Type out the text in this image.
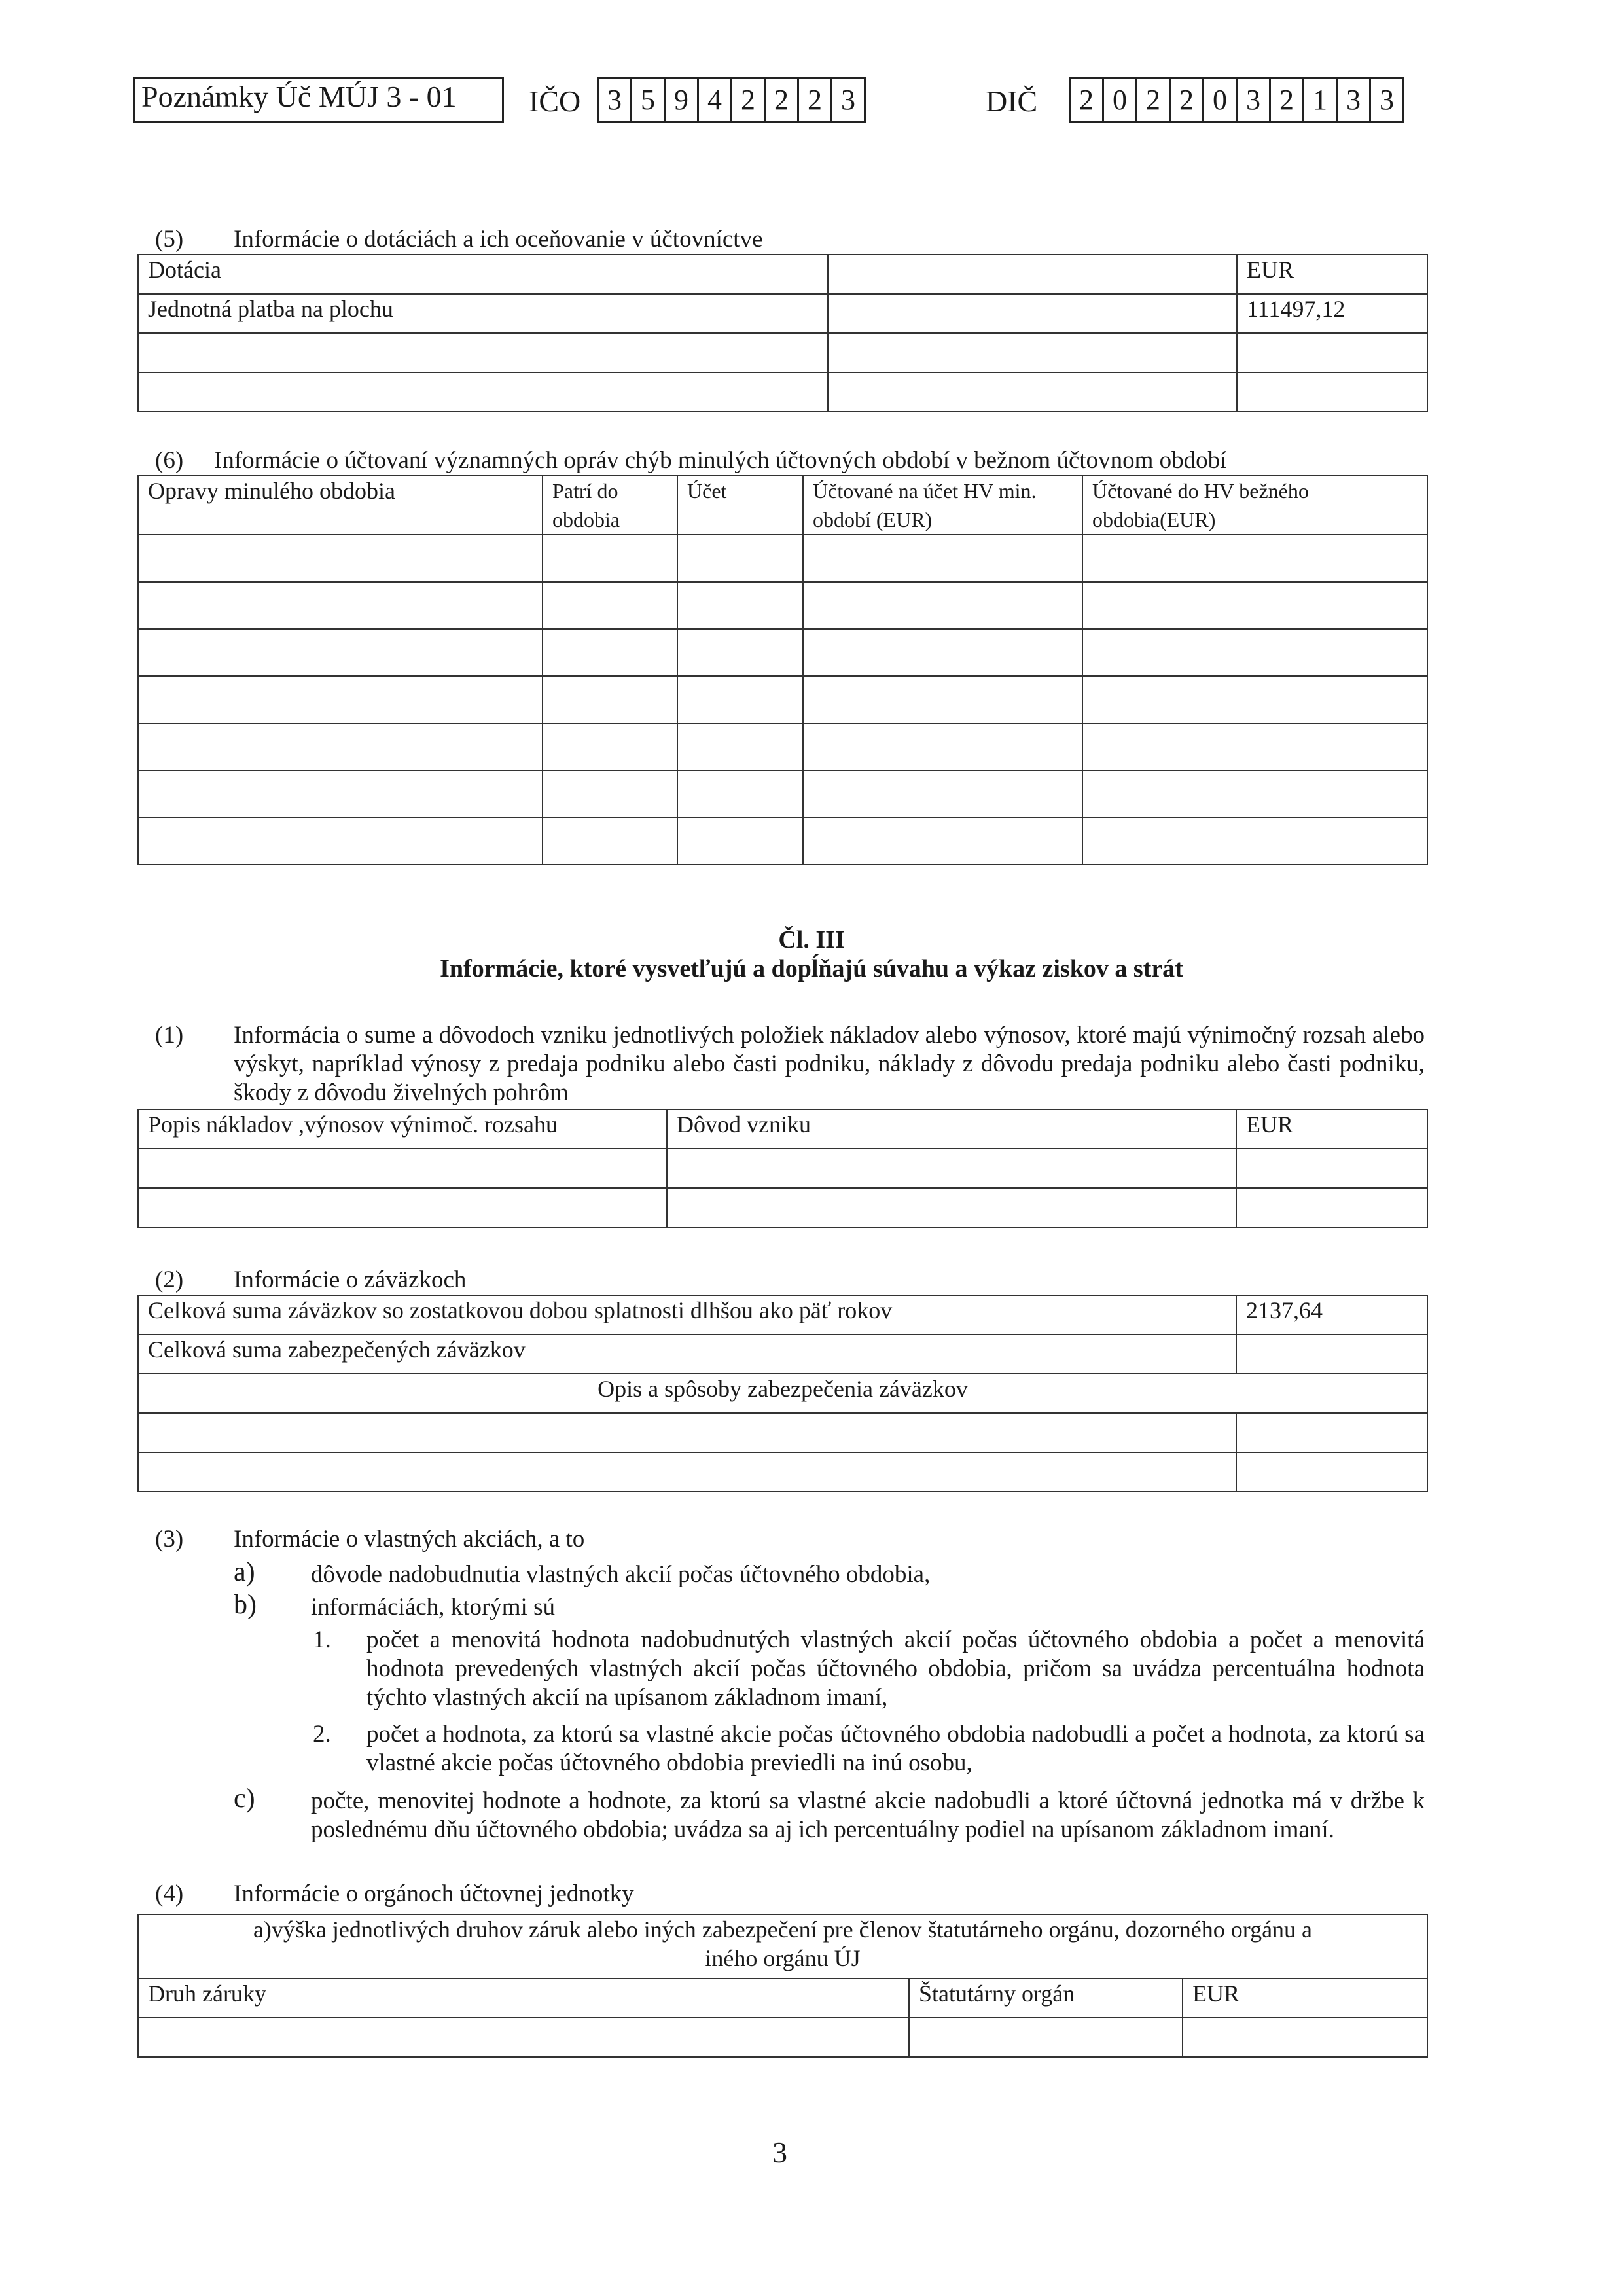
Poznámky Úč MÚJ 3 - 01	IČO 3 5 9 4 2 2 2 3	DIČ	2 0 2 2 0 3 2 1 3 3
(5) Informácie o dotáciách a ich oceňovanie v účtovníctve
Dotácia		EUR
Jednotná platba na plochu		111497,12

(6) Informácie o účtovaní významných opráv chýb minulých účtovných období v bežnom účtovnom období
Opravy minulého obdobia	Patrí do obdobia	Účet	Účtované na účet HV min. období (EUR)	Účtované do HV bežného obdobia(EUR)

Čl. III
Informácie, ktoré vysvetľujú a dopĺňajú súvahu a výkaz ziskov a strát
(1) Informácia o sume a dôvodoch vzniku jednotlivých položiek nákladov alebo výnosov, ktoré majú výnimočný rozsah alebo výskyt, napríklad výnosy z predaja podniku alebo časti podniku, náklady z dôvodu predaja podniku alebo časti podniku, škody z dôvodu živelných pohrôm
Popis nákladov ,výnosov výnimoč. rozsahu	Dôvod vzniku	EUR

(2) Informácie o záväzkoch
Celková suma záväzkov so zostatkovou dobou splatnosti dlhšou ako päť rokov	2137,64
Celková suma zabezpečených záväzkov	
Opis a spôsoby zabezpečenia záväzkov	

(3) Informácie o vlastných akciách, a to
a) dôvode nadobudnutia vlastných akcií počas účtovného obdobia,
b) informáciách, ktorými sú
1. počet a menovitá hodnota nadobudnutých vlastných akcií počas účtovného obdobia a počet a menovitá hodnota prevedených vlastných akcií počas účtovného obdobia, pričom sa uvádza percentuálna hodnota týchto vlastných akcií na upísanom základnom imaní,
2. počet a hodnota, za ktorú sa vlastné akcie počas účtovného obdobia nadobudli a počet a hodnota, za ktorú sa vlastné akcie počas účtovného obdobia previedli na inú osobu,
c) počte, menovitej hodnote a hodnote, za ktorú sa vlastné akcie nadobudli a ktoré účtovná jednotka má v držbe k poslednému dňu účtovného obdobia; uvádza sa aj ich percentuálny podiel na upísanom základnom imaní.
(4) Informácie o orgánoch účtovnej jednotky
a)výška jednotlivých druhov záruk alebo iných zabezpečení pre členov štatutárneho orgánu, dozorného orgánu a
iného orgánu ÚJ		

Druh záruky	Štatutárny orgán	EUR

3
